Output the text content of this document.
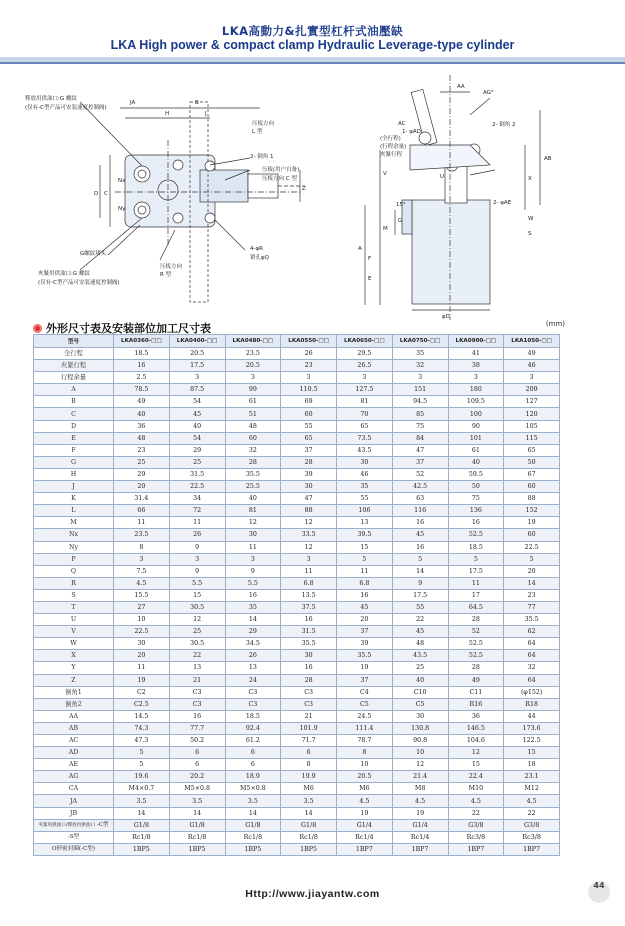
LKA高動力&扎實型杠杆式油壓缺
LKA High power & compact clamp Hydraulic Leverage-type cylinder
釋放用供油口:G 螺紋
(仅有-C型产品可安装速度控制阀)
夾緊用供油口:G 螺紋
(仅有-C型产品可安装速度控制阀)
G螺紋堵头
压板方向
L 型
压板方向
R 型
压板方向 C 型
压板(用户自备)
2- 倒角 1
2- 倒角 2
4-φR
销孔φQ
1- φAD
2- φAE
JA	B
H	J
C
D
Nx
Ny
Z
AA
AG°
AC
AB
V	U
G
M
A
E
F
X
W
S
φD
15°
(全行程)
(行程余量)
夾緊行程
外形尺寸表及安装部位加工尺寸表	(mm)
型号	LKA0360-□□	LKA0400-□□	LKA0480-□□	LKA0550-□□	LKA0650-□□	LKA0750-□□	LKA0900-□□	LKA1050-□□
全行程	18.5	20.5	23.5	26	29.5	35	41	49
夾緊行程	16	17.5	20.5	23	26.5	32	38	46
行程余量	2.5	3	3	3	3	3	3	3
A	78.5	87.5	99	110.5	127.5	151	180	209
B	49	54	61	69	81	94.5	109.5	127
C	40	45	51	60	70	85	100	120
D	36	40	48	55	65	75	90	105
E	48	54	60	65	73.5	84	101	115
F	23	29	32	37	43.5	47	61	65
G	25	25	28	28	30	37	40	50
H	29	31.5	35.5	39	46	52	59.5	67
J	20	22.5	25.5	30	35	42.5	50	60
K	31.4	34	40	47	55	63	75	88
L	66	72	81	88	106	116	136	152
M	11	11	12	12	13	16	16	19
Nx	23.5	26	30	33.5	39.5	45	52.5	60
Ny	8	9	11	12	15	16	18.5	22.5
P	3	3	3	3	5	5	5	5
Q	7.5	9	9	11	11	14	17.5	20
R	4.5	5.5	5.5	6.8	6.8	9	11	14
S	15.5	15	16	13.5	16	17.5	17	23
T	27	30.5	35	37.5	45	55	64.5	77
U	10	12	14	16	20	22	28	35.5
V	22.5	25	29	31.5	37	45	52	62
W	30	30.5	34.5	35.5	39	48	52.5	64
X	20	22	26	30	35.5	43.5	52.5	64
Y	11	13	13	16	19	25	28	32
Z	19	21	24	28	37	40	49	64
倒角1	C2	C3	C3	C3	C4	C10	C11	(φ152)
倒角2	C2.5	C3	C3	C3	C5	C5	R16	R18
AA	14.5	16	18.5	21	24.5	30	36	44
AB	74.3	77.7	92.4	101.9	111.4	130.8	146.5	173.6
AC	47.3	50.2	61.2	71.7	78.7	90.8	104.6	122.5
AD	5	6	6	6	8	10	12	15
AE	5	6	6	8	10	12	15	18
AG	19.6	20.2	18.9	19.9	20.5	21.4	22.4	23.1
CA	M4×0.7	M5×0.8	M5×0.8	M6	M6	M8	M10	M12
JA	3.5	3.5	3.5	3.5	4.5	4.5	4.5	4.5
JB	14	14	14	14	19	19	22	22
夾緊用供油口/釋放用供油口 -C型	G1/8	G1/8	G1/8	G1/8	G1/4	G1/4	G3/8	G3/8
-S型	Rc1/8	Rc1/8	Rc1/8	Rc1/8	Rc1/4	Rc1/4	Rc3/8	Rc3/8
O形密封圈(-C型)	1BP5	1BP5	1BP5	1BP5	1BP7	1BP7	1BP7	1BP7
Http://www.jiayantw.com
44
